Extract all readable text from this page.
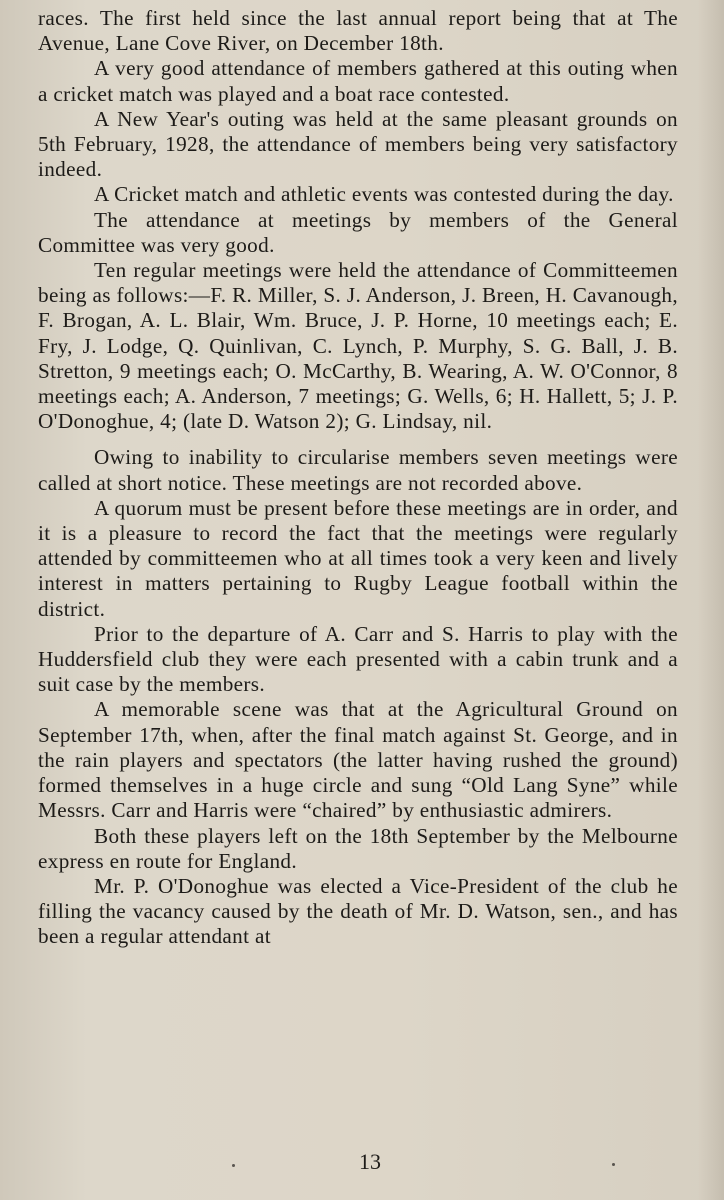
races. The first held since the last annual report being that at The Avenue, Lane Cove River, on December 18th.

A very good attendance of members gathered at this outing when a cricket match was played and a boat race contested.

A New Year's outing was held at the same pleasant grounds on 5th February, 1928, the attendance of members being very satisfactory indeed.

A Cricket match and athletic events was contested during the day.

The attendance at meetings by members of the General Committee was very good.

Ten regular meetings were held the attendance of Committeemen being as follows:—F. R. Miller, S. J. Anderson, J. Breen, H. Cavanough, F. Brogan, A. L. Blair, Wm. Bruce, J. P. Horne, 10 meetings each; E. Fry, J. Lodge, Q. Quinlivan, C. Lynch, P. Murphy, S. G. Ball, J. B. Stretton, 9 meetings each; O. McCarthy, B. Wearing, A. W. O'Connor, 8 meetings each; A. Anderson, 7 meetings; G. Wells, 6; H. Hallett, 5; J. P. O'Donoghue, 4; (late D. Watson 2); G. Lindsay, nil.

Owing to inability to circularise members seven meetings were called at short notice. These meetings are not recorded above.

A quorum must be present before these meetings are in order, and it is a pleasure to record the fact that the meetings were regularly attended by committeemen who at all times took a very keen and lively interest in matters pertaining to Rugby League football within the district.

Prior to the departure of A. Carr and S. Harris to play with the Huddersfield club they were each presented with a cabin trunk and a suit case by the members.

A memorable scene was that at the Agricultural Ground on September 17th, when, after the final match against St. George, and in the rain players and spectators (the latter having rushed the ground) formed themselves in a huge circle and sung “Old Lang Syne” while Messrs. Carr and Harris were “chaired” by enthusiastic admirers.

Both these players left on the 18th September by the Melbourne express en route for England.

Mr. P. O'Donoghue was elected a Vice-President of the club he filling the vacancy caused by the death of Mr. D. Watson, sen., and has been a regular attendant at

13
